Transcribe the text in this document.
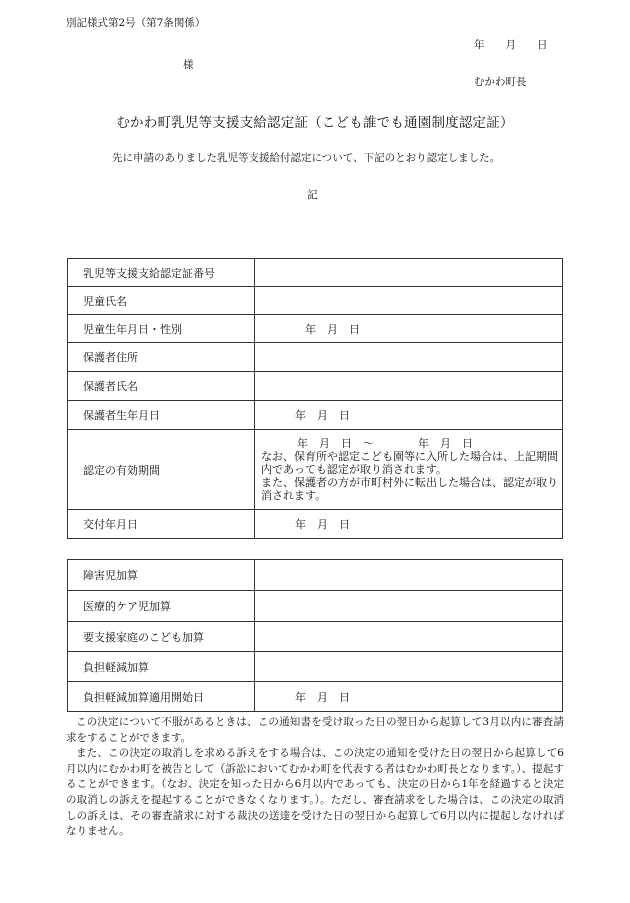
別記様式第2号（第7条関係）
年　　月　　日
様
むかわ町長
むかわ町乳児等支援支給認定証（こども誰でも通園制度認定証）
先に申請のありました乳児等支援給付認定について、下記のとおり認定しました。
記
乳児等支援支給認定証番号	
児童氏名	
児童生年月日・性別	年　月　日
保護者住所	
保護者氏名	
保護者生年月日	年　月　日
認定の有効期間	年　月　日　～　　　　年　月　日
なお、保育所や認定こども園等に入所した場合は、上記期間内であっても認定が取り消されます。
また、保護者の方が市町村外に転出した場合は、認定が取り消されます。

交付年月日	年　月　日
障害児加算	
医療的ケア児加算	
要支援家庭のこども加算	
負担軽減加算	
負担軽減加算適用開始日	年　月　日

この決定について不服があるときは、この通知書を受け取った日の翌日から起算して3月以内に審査請求をすることができます。

また、この決定の取消しを求める訴えをする場合は、この決定の通知を受けた日の翌日から起算して6月以内にむかわ町を被告として（訴訟においてむかわ町を代表する者はむかわ町長となります。）、提起することができます。（なお、決定を知った日から6月以内であっても、決定の日から1年を経過すると決定の取消しの訴えを提起することができなくなります。）。ただし、審査請求をした場合は、この決定の取消しの訴えは、その審査請求に対する裁決の送達を受けた日の翌日から起算して6月以内に提起しなければなりません。
